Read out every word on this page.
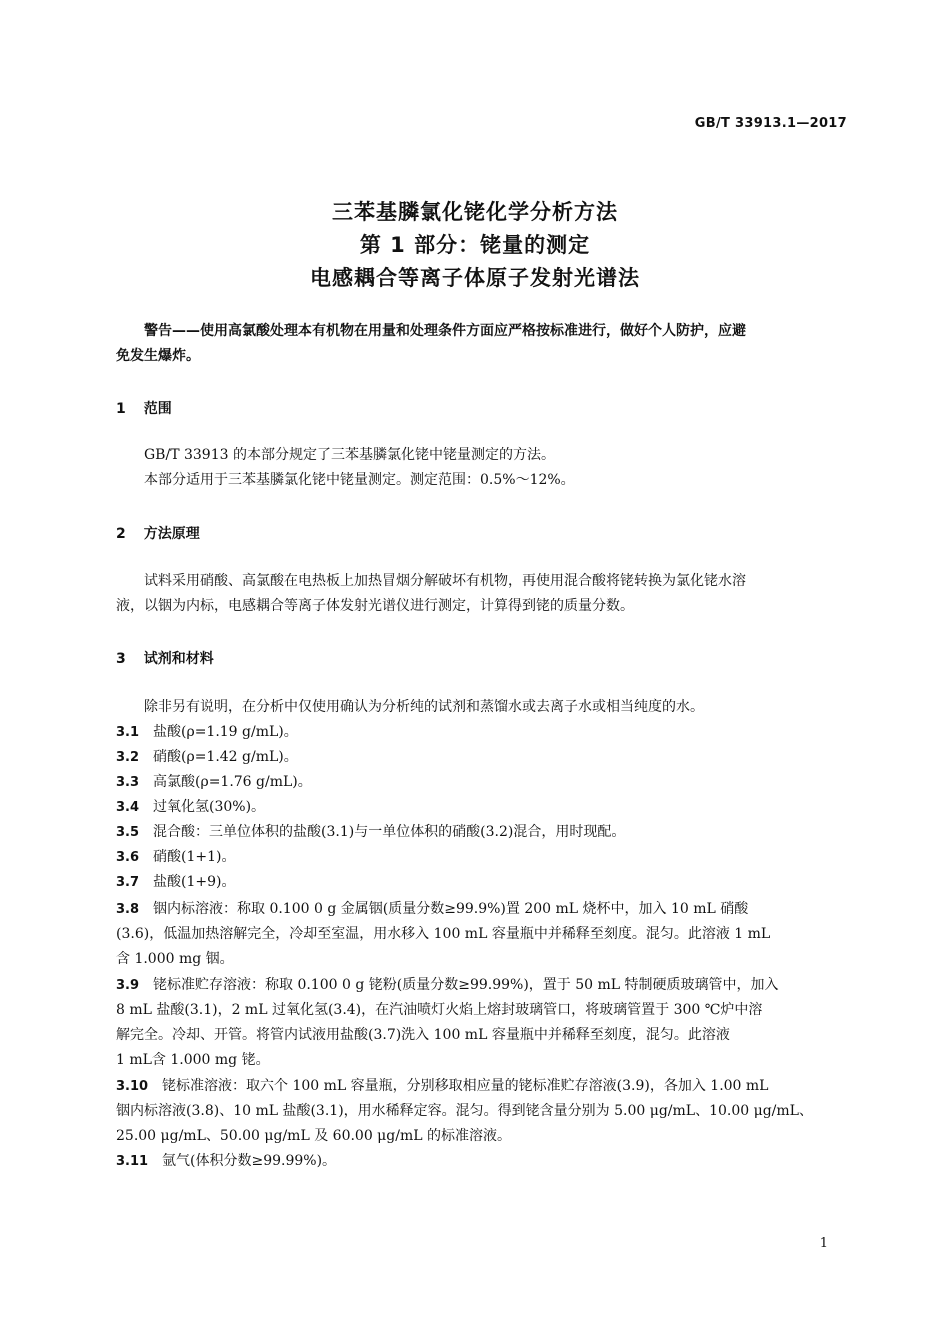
GB/T 33913.1—2017
三苯基膦氯化铑化学分析方法
第 1 部分：铑量的测定
电感耦合等离子体原子发射光谱法
警告——使用高氯酸处理本有机物在用量和处理条件方面应严格按标准进行，做好个人防护，应避
免发生爆炸。
1 范围
GB/T 33913 的本部分规定了三苯基膦氯化铑中铑量测定的方法。
本部分适用于三苯基膦氯化铑中铑量测定。测定范围：0.5%～12%。
2 方法原理
试料采用硝酸、高氯酸在电热板上加热冒烟分解破坏有机物，再使用混合酸将铑转换为氯化铑水溶
液，以铟为内标，电感耦合等离子体发射光谱仪进行测定，计算得到铑的质量分数。
3 试剂和材料
除非另有说明，在分析中仅使用确认为分析纯的试剂和蒸馏水或去离子水或相当纯度的水。
3.1 盐酸(ρ=1.19 g/mL)。
3.2 硝酸(ρ=1.42 g/mL)。
3.3 高氯酸(ρ=1.76 g/mL)。
3.4 过氧化氢(30%)。
3.5 混合酸：三单位体积的盐酸(3.1)与一单位体积的硝酸(3.2)混合，用时现配。
3.6 硝酸(1+1)。
3.7 盐酸(1+9)。
3.8 铟内标溶液：称取 0.100 0 g 金属铟(质量分数≥99.9%)置 200 mL 烧杯中，加入 10 mL 硝酸
(3.6)，低温加热溶解完全，冷却至室温，用水移入 100 mL 容量瓶中并稀释至刻度。混匀。此溶液 1 mL
含 1.000 mg 铟。
3.9 铑标准贮存溶液：称取 0.100 0 g 铑粉(质量分数≥99.99%)，置于 50 mL 特制硬质玻璃管中，加入
8 mL 盐酸(3.1)，2 mL 过氧化氢(3.4)，在汽油喷灯火焰上熔封玻璃管口，将玻璃管置于 300 ℃炉中溶
解完全。冷却、开管。将管内试液用盐酸(3.7)洗入 100 mL 容量瓶中并稀释至刻度，混匀。此溶液
1 mL含 1.000 mg 铑。
3.10 铑标准溶液：取六个 100 mL 容量瓶，分别移取相应量的铑标准贮存溶液(3.9)，各加入 1.00 mL
铟内标溶液(3.8)、10 mL 盐酸(3.1)，用水稀释定容。混匀。得到铑含量分别为 5.00 μg/mL、10.00 μg/mL、
25.00 μg/mL、50.00 μg/mL 及 60.00 μg/mL 的标准溶液。
3.11 氩气(体积分数≥99.99%)。
1
